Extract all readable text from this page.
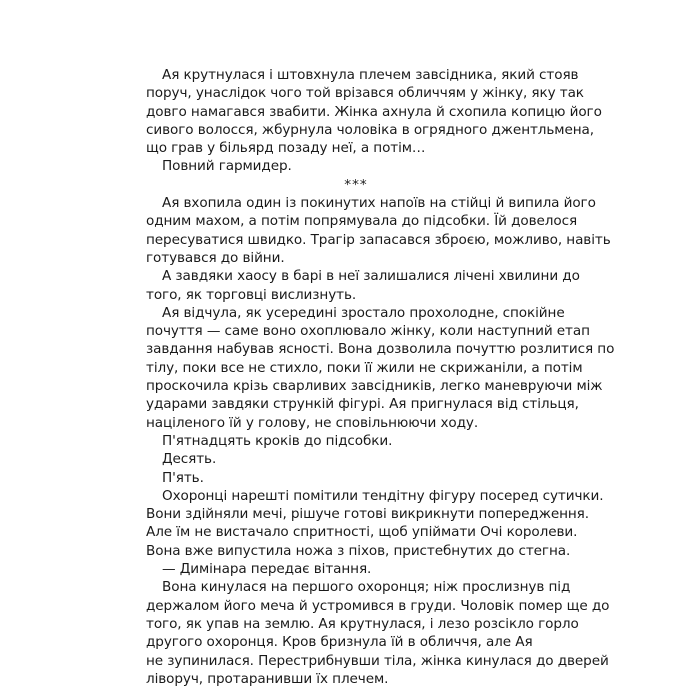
Ая крутнулася і штовхнула плечем завсідника, який стояв
поруч, унаслідок чого той врізався обличчям у жінку, яку так
довго намагався звабити. Жінка ахнула й схопила копицю його
сивого волосся, жбурнула чоловіка в огрядного джентльмена,
що грав у більярд позаду неї, а потім…
Повний гармидер.

***

Ая вхопила один із покинутих напоїв на стійці й випила його
одним махом, а потім попрямувала до підсобки. Їй довелося
пересуватися швидко. Трагір запасався зброєю, можливо, навіть
готувався до війни.
А завдяки хаосу в барі в неї залишалися лічені хвилини до
того, як торговці вислизнуть.
Ая відчула, як усередині зростало прохолодне, спокійне
почуття — саме воно охоплювало жінку, коли наступний етап
завдання набував ясності. Вона дозволила почуттю розлитися по
тілу, поки все не стихло, поки її жили не скрижаніли, а потім
проскочила крізь сварливих завсідників, легко маневруючи між
ударами завдяки стрункій фігурі. Ая пригнулася від стільця,
націленого їй у голову, не сповільнюючи ходу.
П'ятнадцять кроків до підсобки.
Десять.
П'ять.
Охоронці нарешті помітили тендітну фігуру посеред сутички.
Вони здійняли мечі, рішуче готові викрикнути попередження.
Але їм не вистачало спритності, щоб упіймати Очі королеви.
Вона вже випустила ножа з піхов, пристебнутих до стегна.
— Димінара передає вітання.
Вона кинулася на першого охоронця; ніж прослизнув під
держалом його меча й устромився в груди. Чоловік помер ще до
того, як упав на землю. Ая крутнулася, і лезо розсікло горло
другого охоронця. Кров бризнула їй в обличчя, але Ая
не зупинилася. Перестрибнувши тіла, жінка кинулася до дверей
ліворуч, протаранивши їх плечем.
